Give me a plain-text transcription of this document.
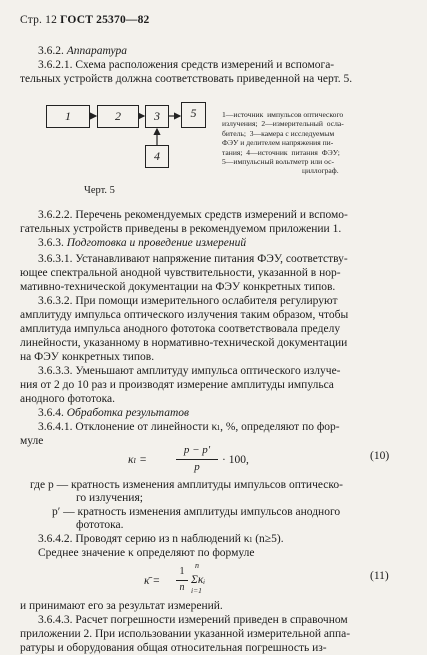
Стр. 12 ГОСТ 25370—82
3.6.2. Аппаратура
3.6.2.1. Схема расположения средств измерений и вспомога-
тельных устройств должна соответствовать приведенной на черт. 5.
1	2	3	5
4
1—источник  импульсов оптического
излучения;  2—измерительный  осла-
битель;  3—камера с исследуемым
ФЭУ и делителем напряжения пи-
тания;  4—источник  питания  ФЭУ;
5—импульсный вольтметр или ос-
циллограф.
Черт. 5
3.6.2.2. Перечень рекомендуемых средств измерений и вспомо-
гательных устройств приведены в рекомендуемом приложении 1.
3.6.3. Подготовка и проведение измерений
3.6.3.1. Устанавливают напряжение питания ФЭУ, соответству-
ющее спектральной анодной чувствительности, указанной в нор-
мативно-технической документации на ФЭУ конкретных типов.
3.6.3.2. При помощи измерительного ослабителя регулируют
амплитуду импульса оптического излучения таким образом, чтобы
амплитуда импульса анодного фототока соответствовала пределу
линейности, указанному в нормативно-технической документации
на ФЭУ конкретных типов.
3.6.3.3. Уменьшают амплитуду импульса оптического излуче-
ния от 2 до 10 раз и производят измерение амплитуды импульса
анодного фототока.
3.6.4. Обработка результатов
3.6.4.1. Отклонение от линейности κₗ, %, определяют по фор-
муле
κₗ =
p − p′
p
· 100,	(10)
где p — кратность изменения амплитуды импульсов оптическо-
го излучения;
p′ — кратность изменения амплитуды импульсов анодного
фототока.
3.6.4.2. Проводят серию из n наблюдений κₗ (n≥5).
Среднее значение κ определяют по формуле
κ̄ =
1
n
n
Σκᵢ
i=1
(11)
и принимают его за результат измерений.
3.6.4.3. Расчет погрешности измерений приведен в справочном
приложении 2. При использовании указанной измерительной аппа-
ратуры и оборудования общая относительная погрешность из-
